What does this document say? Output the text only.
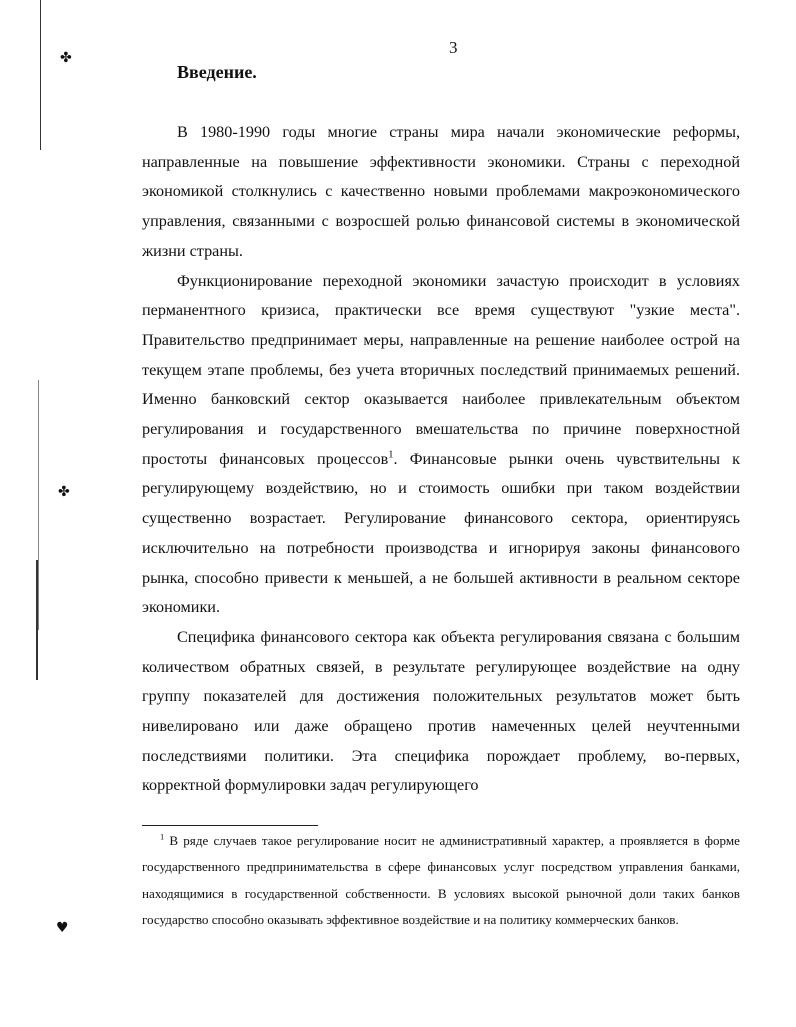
✤
✤
♥
3
Введение.

В 1980-1990 годы многие страны мира начали экономические реформы, направленные на повышение эффективности экономики. Страны с переходной экономикой столкнулись с качественно новыми проблемами макроэкономического управления, связанными с возросшей ролью финансовой системы в экономической жизни страны.

Функционирование переходной экономики зачастую происходит в условиях перманентного кризиса, практически все время существуют "узкие места". Правительство предпринимает меры, направленные на решение наиболее острой на текущем этапе проблемы, без учета вторичных последствий принимаемых решений. Именно банковский сектор оказывается наиболее привлекательным объектом регулирования и государственного вмешательства по причине поверхностной простоты финансовых процессов$^1$. Финансовые рынки очень чувствительны к регулирующему воздействию, но и стоимость ошибки при таком воздействии существенно возрастает. Регулирование финансового сектора, ориентируясь исключительно на потребности производства и игнорируя законы финансового рынка, способно привести к меньшей, а не большей активности в реальном секторе экономики.

Специфика финансового сектора как объекта регулирования связана с большим количеством обратных связей, в результате регулирующее воздействие на одну группу показателей для достижения положительных результатов может быть нивелировано или даже обращено против намеченных целей неучтенными последствиями политики. Эта специфика порождает проблему, во-первых, корректной формулировки задач регулирующего

$^1$ В ряде случаев такое регулирование носит не административный характер, а проявляется в форме государственного предпринимательства в сфере финансовых услуг посредством управления банками, находящимися в государственной собственности. В условиях высокой рыночной доли таких банков государство способно оказывать эффективное воздействие и на политику коммерческих банков.
